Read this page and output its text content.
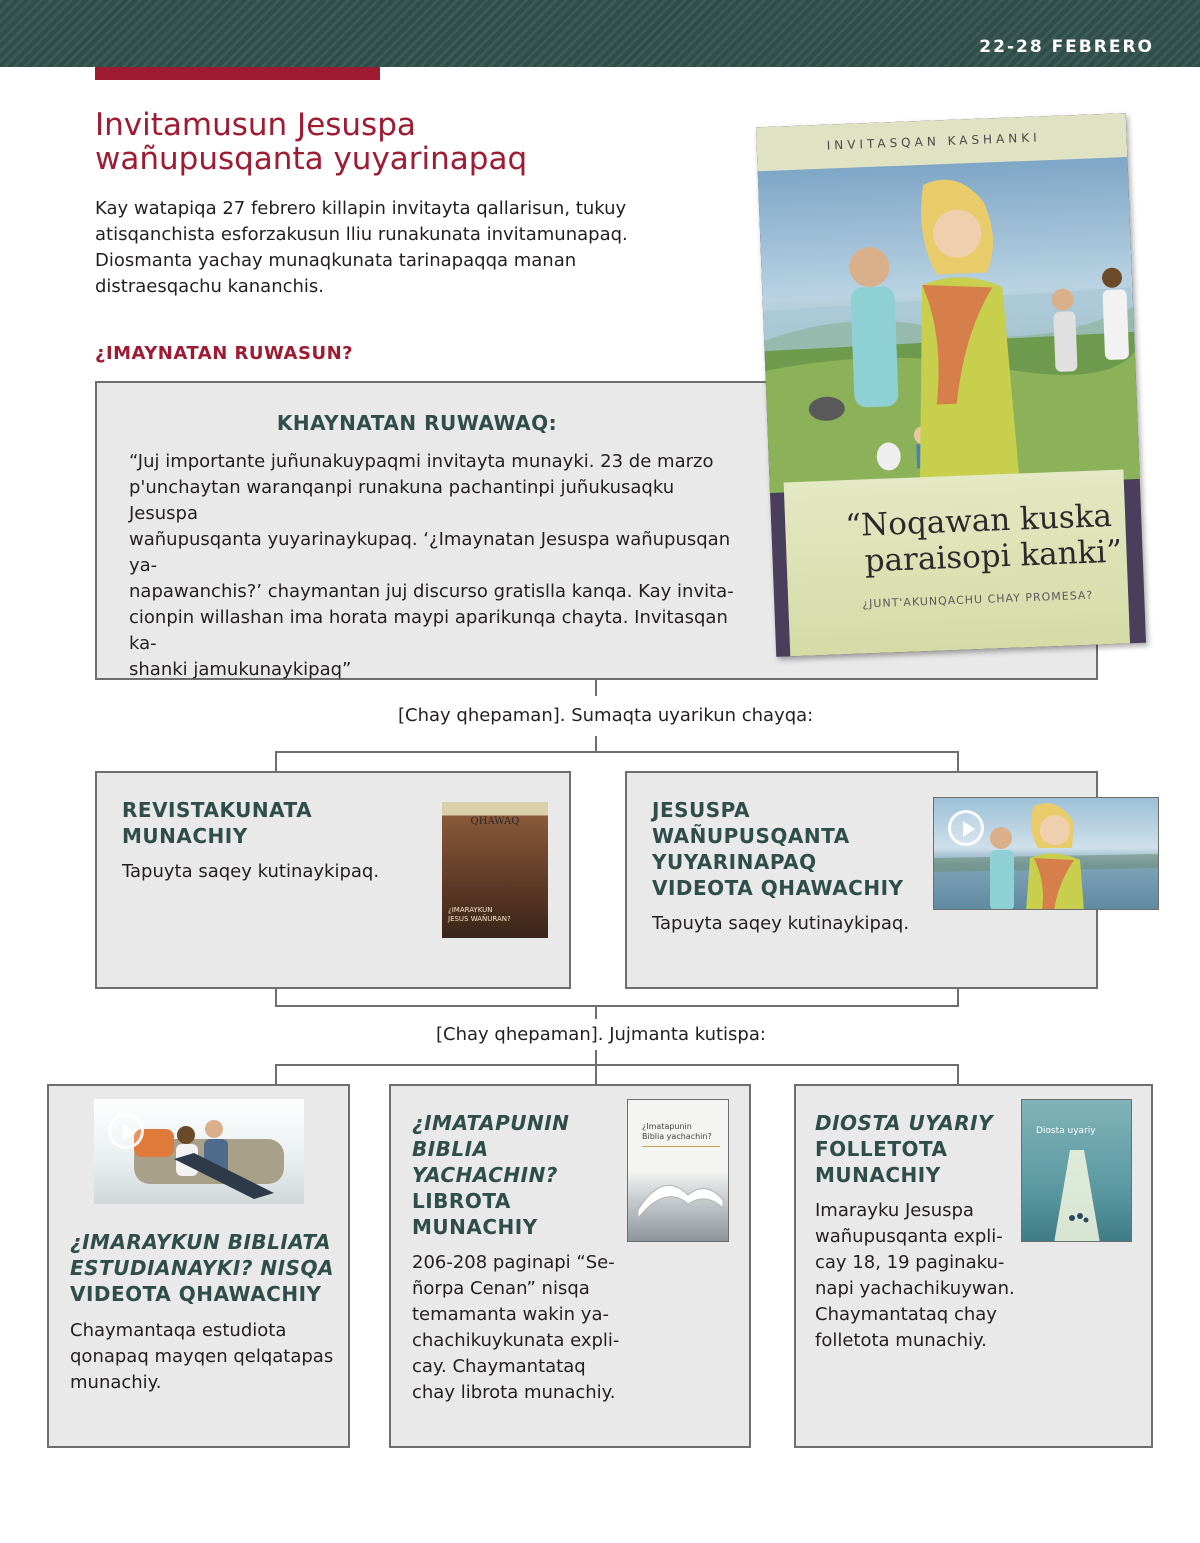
22-28 FEBRERO
Invitamusun Jesuspa
wañupusqanta yuyarinapaq
Kay watapiqa 27 febrero killapin invitayta qallarisun, tukuy
atisqanchista esforzakusun lliu runakunata invitamunapaq.
Diosmanta yachay munaqkunata tarinapaqqa manan
distraesqachu kananchis.
¿IMAYNATAN RUWASUN?
KHAYNATAN RUWAWAQ:
“Juj importante juñunakuypaqmi invitayta munayki. 23 de marzo
p'unchaytan waranqanpi runakuna pachantinpi juñukusaqku Jesuspa
wañupusqanta yuyarinaykupaq. ‘¿Imaynatan Jesuspa wañupusqan ya-
napawanchis?’ chaymantan juj discurso gratislla kanqa. Kay invita-
cionpin willashan ima horata maypi aparikunqa chayta. Invitasqan ka-
shanki jamukunaykipaq”
INVITASQAN KASHANKI
“Noqawan kuska
paraisopi kanki”
¿JUNT'AKUNQACHU CHAY PROMESA?
[Chay qhepaman]. Sumaqta uyarikun chayqa:
REVISTAKUNATA
MUNACHIY
Tapuyta saqey kutinaykipaq.
QHAWAQ
¿IMARAYKUN
JESUS WAÑURAN?
JESUSPA
WAÑUPUSQANTA
YUYARINAPAQ
VIDEOTA QHAWACHIY
Tapuyta saqey kutinaykipaq.
[Chay qhepaman]. Jujmanta kutispa:
¿IMARAYKUN BIBLIATA
ESTUDIANAYKI? NISQA
VIDEOTA QHAWACHIY
Chaymantaqa estudiota
qonapaq mayqen qelqatapas
munachiy.
¿IMATAPUNIN
BIBLIA
YACHACHIN?
LIBROTA
MUNACHIY
206-208 paginapi “Se-
ñorpa Cenan” nisqa
temamanta wakin ya-
chachikuykunata expli-
cay. Chaymantataq
chay librota munachiy.
¿Imatapunin
Biblia yachachin?
DIOSTA UYARIY
FOLLETOTA
MUNACHIY
Imarayku Jesuspa
wañupusqanta expli-
cay 18, 19 paginaku-
napi yachachikuywan.
Chaymantataq chay
folletota munachiy.
Diosta uyariy
